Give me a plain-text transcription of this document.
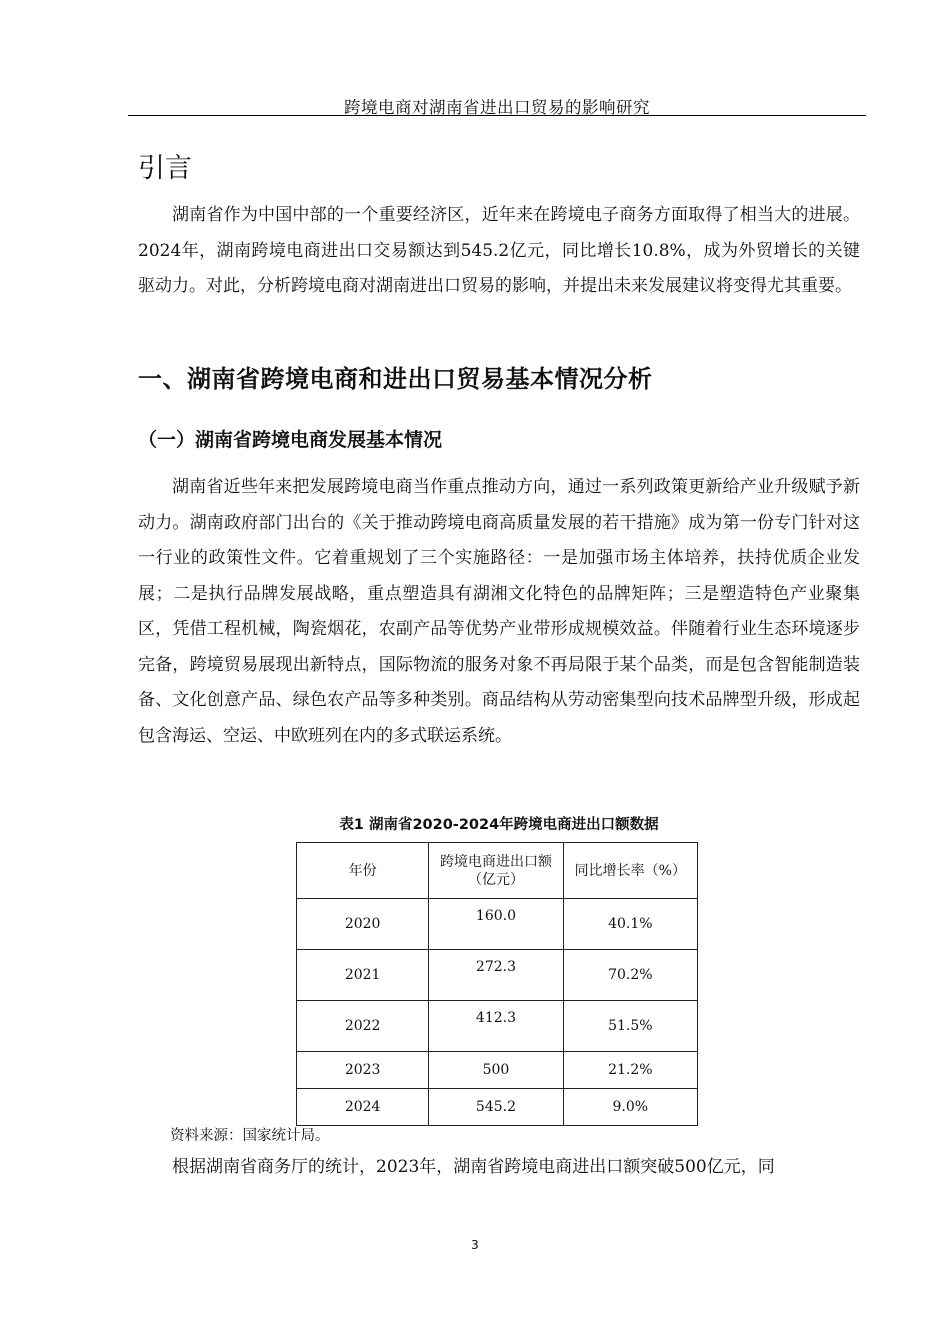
跨境电商对湖南省进出口贸易的影响研究
引言

湖南省作为中国中部的一个重要经济区，近年来在跨境电子商务方面取得了相当大的进展。2024年，湖南跨境电商进出口交易额达到545.2亿元，同比增长10.8%，成为外贸增长的关键驱动力。对此，分析跨境电商对湖南进出口贸易的影响，并提出未来发展建议将变得尤其重要。

一、湖南省跨境电商和进出口贸易基本情况分析
（一）湖南省跨境电商发展基本情况

湖南省近些年来把发展跨境电商当作重点推动方向，通过一系列政策更新给产业升级赋予新动力。湖南政府部门出台的《关于推动跨境电商高质量发展的若干措施》成为第一份专门针对这一行业的政策性文件。它着重规划了三个实施路径：一是加强市场主体培养，扶持优质企业发展；二是执行品牌发展战略，重点塑造具有湖湘文化特色的品牌矩阵；三是塑造特色产业聚集区，凭借工程机械，陶瓷烟花，农副产品等优势产业带形成规模效益。伴随着行业生态环境逐步完备，跨境贸易展现出新特点，国际物流的服务对象不再局限于某个品类，而是包含智能制造装备、文化创意产品、绿色农产品等多种类别。商品结构从劳动密集型向技术品牌型升级，形成起包含海运、空运、中欧班列在内的多式联运系统。

表1 湖南省2020-2024年跨境电商进出口额数据
年份	跨境电商进出口额（亿元）	同比增长率（%）
2020	160.0	40.1%
2021	272.3	70.2%
2022	412.3	51.5%
2023	500	21.2%
2024	545.2	9.0%
资料来源：国家统计局。

根据湖南省商务厅的统计，2023年，湖南省跨境电商进出口额突破500亿元，同

3
